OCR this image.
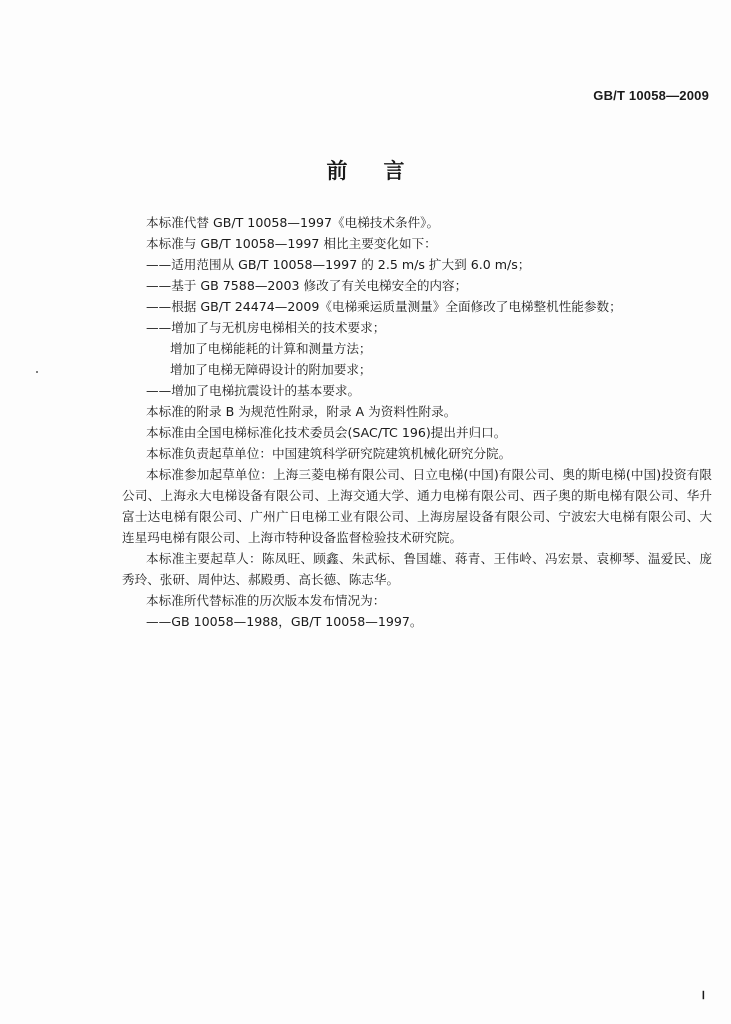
GB/T 10058—2009
前言

本标准代替 GB/T 10058—1997《电梯技术条件》。

本标准与 GB/T 10058—1997 相比主要变化如下：

——适用范围从 GB/T 10058—1997 的 2.5 m/s 扩大到 6.0 m/s；

——基于 GB 7588—2003 修改了有关电梯安全的内容；

——根据 GB/T 24474—2009《电梯乘运质量测量》全面修改了电梯整机性能参数；

——增加了与无机房电梯相关的技术要求；

增加了电梯能耗的计算和测量方法；

增加了电梯无障碍设计的附加要求；

——增加了电梯抗震设计的基本要求。

本标准的附录 B 为规范性附录，附录 A 为资料性附录。

本标准由全国电梯标准化技术委员会(SAC/TC 196)提出并归口。

本标准负责起草单位：中国建筑科学研究院建筑机械化研究分院。

本标准参加起草单位：上海三菱电梯有限公司、日立电梯(中国)有限公司、奥的斯电梯(中国)投资有限公司、上海永大电梯设备有限公司、上海交通大学、通力电梯有限公司、西子奥的斯电梯有限公司、华升富士达电梯有限公司、广州广日电梯工业有限公司、上海房屋设备有限公司、宁波宏大电梯有限公司、大连星玛电梯有限公司、上海市特种设备监督检验技术研究院。

本标准主要起草人：陈凤旺、顾鑫、朱武标、鲁国雄、蒋青、王伟岭、冯宏景、袁柳琴、温爱民、庞秀玲、张研、周仲达、郝殿勇、高长德、陈志华。

本标准所代替标准的历次版本发布情况为：

——GB 10058—1988，GB/T 10058—1997。

Ⅰ
